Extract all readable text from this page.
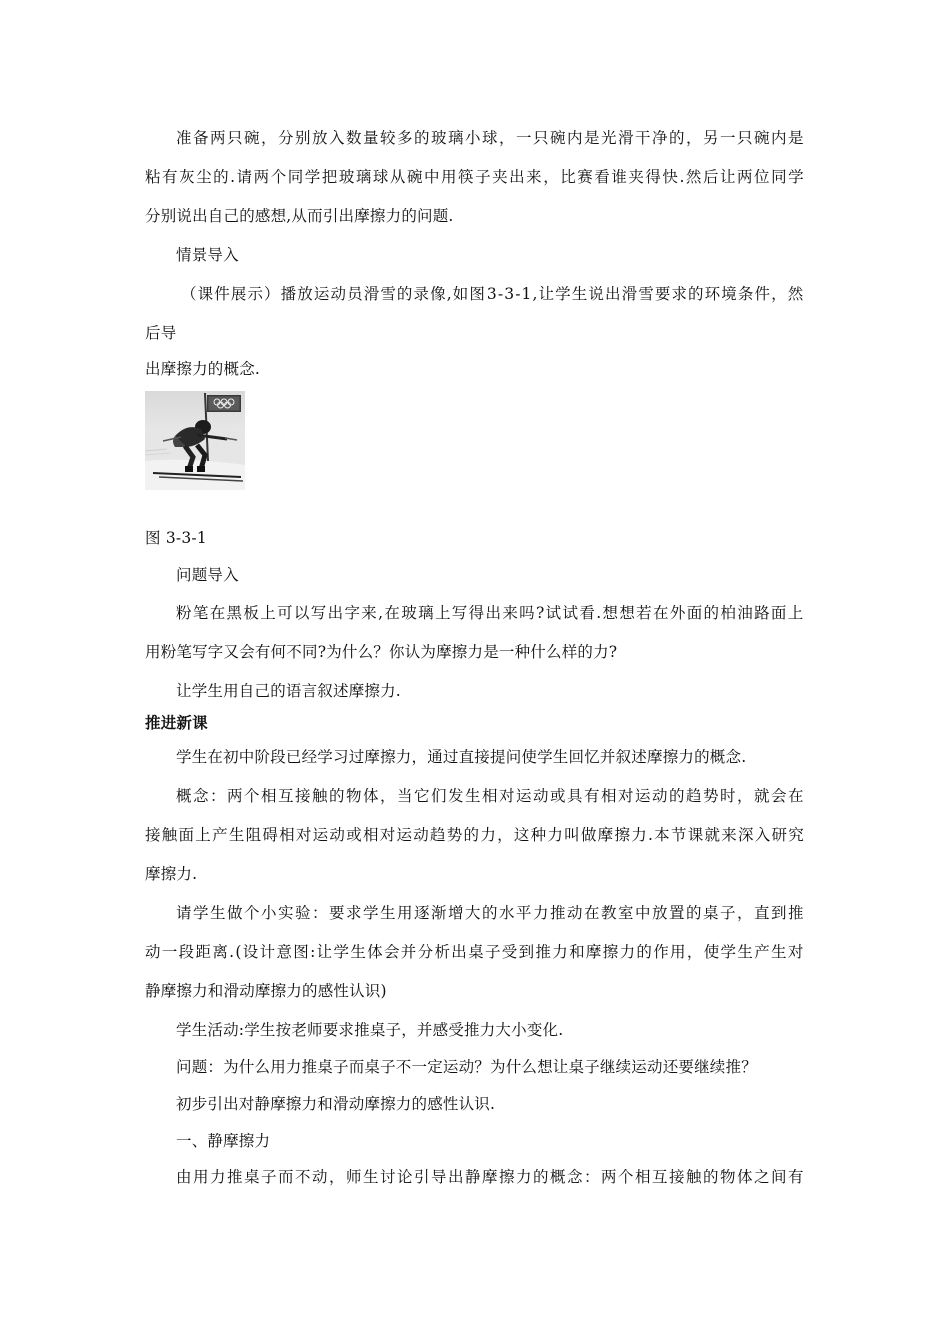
准 备 两 只 碗 ， 分 别 放 入 数 量 较 多 的 玻 璃 小 球 ， 一 只 碗 内 是 光 滑 干 净 的 ， 另 一 只 碗 内 是
粘 有 灰 尘 的 . 请 两 个 同 学 把 玻 璃 球 从 碗 中 用 筷 子 夹 出 来 ， 比 赛 看 谁 夹 得 快 . 然 后 让 两 位 同 学
分别说出自己的感想,从而引出摩擦力的问题.
情景导入
（ 课 件 展 示 ） 播 放 运 动 员 滑 雪 的 录 像 , 如 图 3 - 3 - 1 , 让 学 生 说 出 滑 雪 要 求 的 环 境 条 件 ， 然
后导
出摩擦力的概念.
图 3-3-1
问题导入
粉 笔 在 黑 板 上 可 以 写 出 字 来 , 在 玻 璃 上 写 得 出 来 吗 ? 试 试 看 . 想 想 若 在 外 面 的 柏 油 路 面 上
用粉笔写字又会有何不同?为什么？你认为摩擦力是一种什么样的力?
让学生用自己的语言叙述摩擦力.
推进新课
学生在初中阶段已经学习过摩擦力，通过直接提问使学生回忆并叙述摩擦力的概念.
概 念 ： 两 个 相 互 接 触 的 物 体 ， 当 它 们 发 生 相 对 运 动 或 具 有 相 对 运 动 的 趋 势 时 ， 就 会 在
接 触 面 上 产 生 阻 碍 相 对 运 动 或 相 对 运 动 趋 势 的 力 ， 这 种 力 叫 做 摩 擦 力 . 本 节 课 就 来 深 入 研 究
摩擦力.
请 学 生 做 个 小 实 验 ： 要 求 学 生 用 逐 渐 增 大 的 水 平 力 推 动 在 教 室 中 放 置 的 桌 子 ， 直 到 推
动 一 段 距 离 . ( 设 计 意 图 : 让 学 生 体 会 并 分 析 出 桌 子 受 到 推 力 和 摩 擦 力 的 作 用 ， 使 学 生 产 生 对
静摩擦力和滑动摩擦力的感性认识)
学生活动:学生按老师要求推桌子，并感受推力大小变化.
问题：为什么用力推桌子而桌子不一定运动？为什么想让桌子继续运动还要继续推？
初步引出对静摩擦力和滑动摩擦力的感性认识.
一、静摩擦力
由 用 力 推 桌 子 而 不 动 ， 师 生 讨 论 引 导 出 静 摩 擦 力 的 概 念 ： 两 个 相 互 接 触 的 物 体 之 间 有
